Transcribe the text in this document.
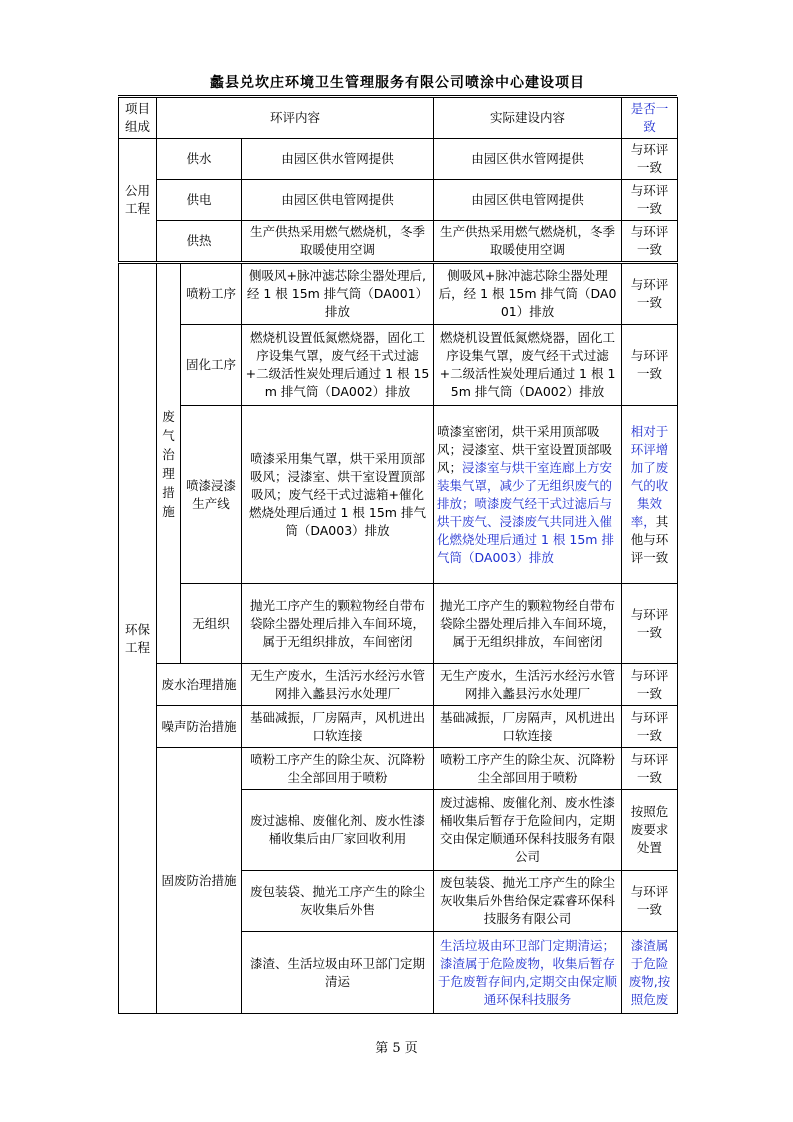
蠡县兑坎庄环境卫生管理服务有限公司喷涂中心建设项目
项目组成	环评内容			实际建设内容	是否一致
公用工程	供水		由园区供水管网提供	由园区供水管网提供	与环评一致
	供电		由园区供电管网提供	由园区供电管网提供	与环评一致
	供热		生产供热采用燃气燃烧机，冬季取暖使用空调	生产供热采用燃气燃烧机，冬季取暖使用空调	与环评一致
环保工程	废气治理措施	喷粉工序	侧吸风+脉冲滤芯除尘器处理后,经 1 根 15m 排气筒（DA001）排放	侧吸风+脉冲滤芯除尘器处理后，经 1 根 15m 排气筒（DA001）排放	与环评一致
		固化工序	燃烧机设置低氮燃烧器，固化工序设集气罩，废气经干式过滤+二级活性炭处理后通过 1 根 15m 排气筒（DA002）排放	燃烧机设置低氮燃烧器，固化工序设集气罩，废气经干式过滤+二级活性炭处理后通过 1 根 15m 排气筒（DA002）排放	与环评一致
		喷漆浸漆生产线	喷漆采用集气罩，烘干采用顶部吸风；浸漆室、烘干室设置顶部吸风；废气经干式过滤箱+催化燃烧处理后通过 1 根 15m 排气筒（DA003）排放	喷漆室密闭，烘干采用顶部吸风；浸漆室、烘干室设置顶部吸风；浸漆室与烘干室连廊上方安装集气罩，减少了无组织废气的排放；喷漆废气经干式过滤后与烘干废气、浸漆废气共同进入催化燃烧处理后通过 1 根 15m 排气筒（DA003）排放	相对于环评增加了废气的收集效率，其他与环评一致
		无组织	抛光工序产生的颗粒物经自带布袋除尘器处理后排入车间环境，属于无组织排放，车间密闭	抛光工序产生的颗粒物经自带布袋除尘器处理后排入车间环境，属于无组织排放，车间密闭	与环评一致
	废水治理措施		无生产废水，生活污水经污水管网排入蠡县污水处理厂	无生产废水，生活污水经污水管网排入蠡县污水处理厂	与环评一致
	噪声防治措施		基础减振，厂房隔声，风机进出口软连接	基础减振，厂房隔声，风机进出口软连接	与环评一致
	固废防治措施		喷粉工序产生的除尘灰、沉降粉尘全部回用于喷粉	喷粉工序产生的除尘灰、沉降粉尘全部回用于喷粉	与环评一致
			废过滤棉、废催化剂、废水性漆桶收集后由厂家回收利用	废过滤棉、废催化剂、废水性漆桶收集后暂存于危险间内，定期交由保定顺通环保科技服务有限公司	按照危废要求处置
			废包装袋、抛光工序产生的除尘灰收集后外售	废包装袋、抛光工序产生的除尘灰收集后外售给保定霖睿环保科技服务有限公司	与环评一致
			漆渣、生活垃圾由环卫部门定期清运	生活垃圾由环卫部门定期清运；漆渣属于危险废物，收集后暂存于危废暂存间内,定期交由保定顺通环保科技服务	漆渣属于危险废物,按照危废
第 5 页
